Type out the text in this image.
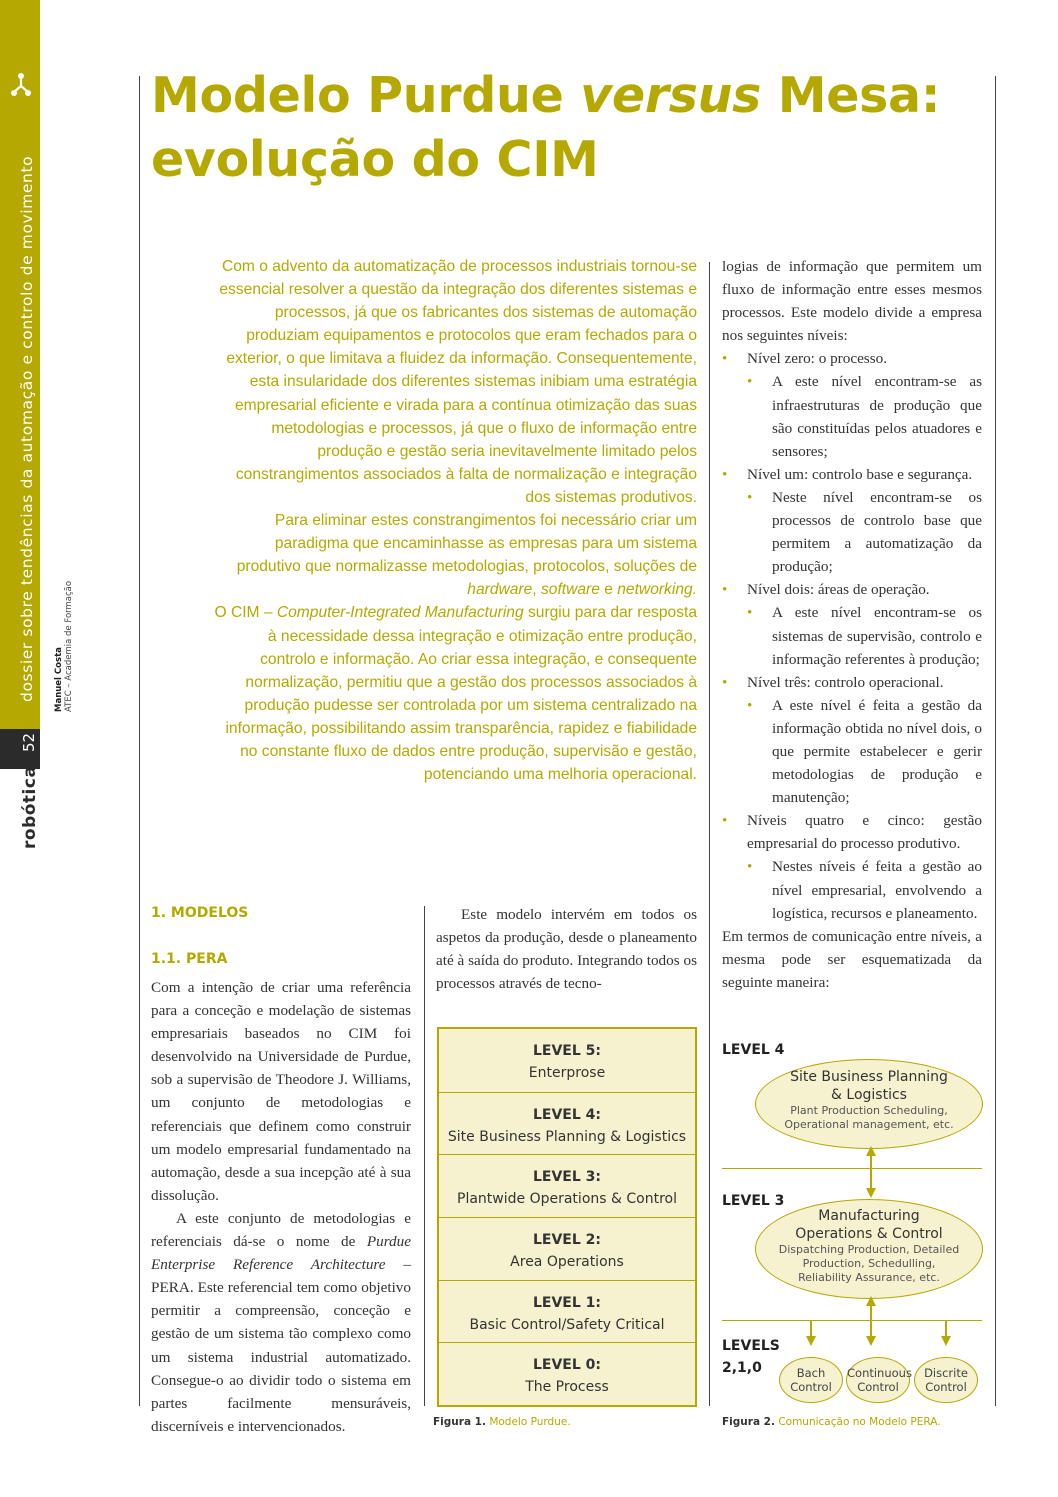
dossier sobre tendências da automação e controlo de movimento
52
robótica
Manuel Costa ATEC – Academia de Formação
Modelo Purdue versus Mesa:
evolução do CIM

Com o advento da automatização de processos industriais tornou-se essencial resolver a questão da integração dos diferentes sistemas e processos, já que os fabricantes dos sistemas de automação produziam equipamentos e protocolos que eram fechados para o exterior, o que limitava a fluidez da informação. Consequentemente, esta insularidade dos diferentes sistemas inibiam uma estratégia empresarial eficiente e virada para a contínua otimização das suas metodologias e processos, já que o fluxo de informação entre produção e gestão seria inevitavelmente limitado pelos constrangimentos associados à falta de normalização e integração dos sistemas produtivos.

Para eliminar estes constrangimentos foi necessário criar um paradigma que encaminhasse as empresas para um sistema produtivo que normalizasse metodologias, protocolos, soluções de hardware, software e networking.

O CIM – Computer-Integrated Manufacturing surgiu para dar resposta à necessidade dessa integração e otimização entre produção, controlo e informação. Ao criar essa integração, e consequente normalização, permitiu que a gestão dos processos associados à produção pudesse ser controlada por um sistema centralizado na informação, possibilitando assim transparência, rapidez e fiabilidade no constante fluxo de dados entre produção, supervisão e gestão, potenciando uma melhoria operacional.

1. MODELOS
1.1. PERA

Com a intenção de criar uma referência para a conceção e modelação de sistemas empresariais baseados no CIM foi desenvolvido na Universidade de Purdue, sob a supervisão de Theodore J. Williams, um conjunto de metodologias e referenciais que definem como construir um modelo empresarial fundamentado na automação, desde a sua incepção até à sua dissolução.

A este conjunto de metodologias e referenciais dá-se o nome de Purdue Enterprise Reference Architecture – PERA. Este referencial tem como objetivo permitir a compreensão, conceção e gestão de um sistema tão complexo como um sistema industrial automatizado. Consegue-o ao dividir todo o sistema em partes facilmente mensuráveis, discerníveis e intervencionados.

Este modelo intervém em todos os aspetos da produção, desde o planeamento até à saída do produto. Integrando todos os processos através de tecno-

LEVEL 5:
Enterprose
LEVEL 4:
Site Business Planning & Logistics
LEVEL 3:
Plantwide Operations & Control
LEVEL 2:
Area Operations
LEVEL 1:
Basic Control/Safety Critical
LEVEL 0:
The Process
Figura 1. Modelo Purdue.

logias de informação que permitem um fluxo de informação entre esses mesmos processos. Este modelo divide a empresa nos seguintes níveis:

• Nível zero: o processo.
• A este nível encontram-se as infraestruturas de produção que são constituídas pelos atuadores e sensores;
• Nível um: controlo base e segurança.
• Neste nível encontram-se os processos de controlo base que permitem a automatização da produção;
• Nível dois: áreas de operação.
• A este nível encontram-se os sistemas de supervisão, controlo e informação referentes à produção;
• Nível três: controlo operacional.
• A este nível é feita a gestão da informação obtida no nível dois, o que permite estabelecer e gerir metodologias de produção e manutenção;
• Níveis quatro e cinco: gestão empresarial do processo produtivo.
• Nestes níveis é feita a gestão ao nível empresarial, envolvendo a logística, recursos e planeamento.

Em termos de comunicação entre níveis, a mesma pode ser esquematizada da seguinte maneira:

LEVEL 4
LEVEL 3
LEVELS
2,1,0
Site Business Planning
& Logistics
Plant Production Scheduling,
Operational management, etc.
Manufacturing
Operations & Control
Dispatching Production, Detailed
Production, Schedulling,
Reliability Assurance, etc.
Bach
Control
Continuous
Control
Discrite
Control
Figura 2. Comunicação no Modelo PERA.
